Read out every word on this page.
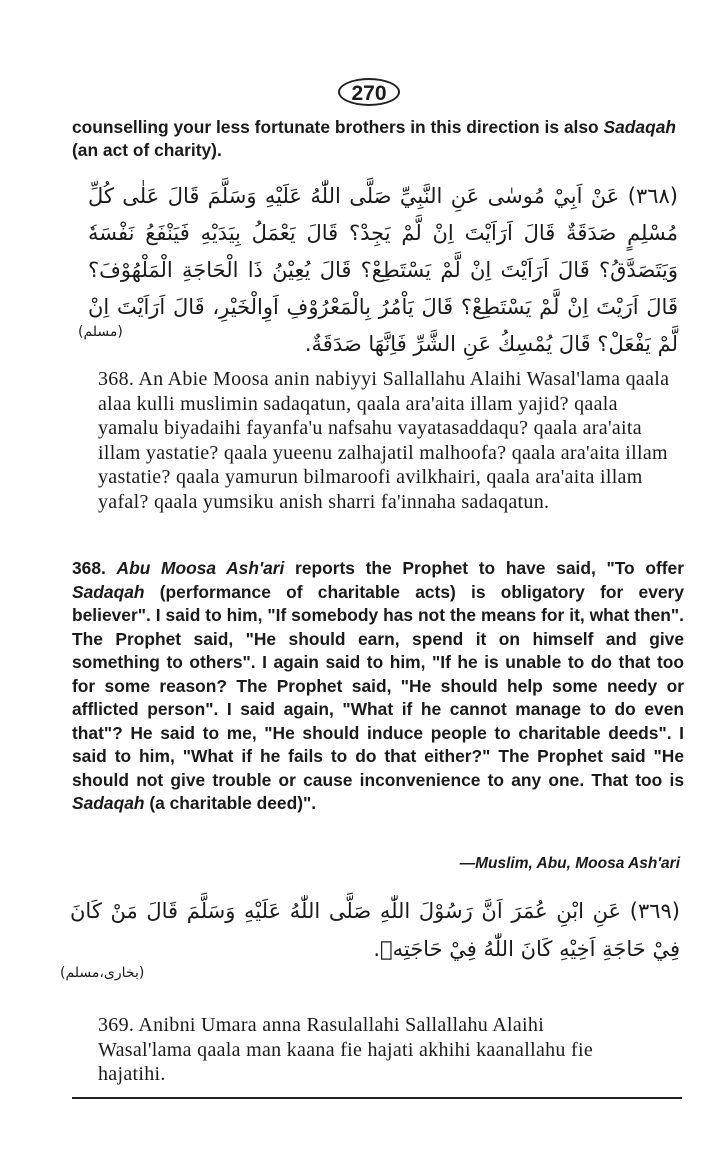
270
counselling your less fortunate brothers in this direction is also Sadaqah (an act of charity).
(٣٦٨) عَنْ اَبِيْ مُوسٰى عَنِ النَّبِيِّ صَلَّى اللّٰهُ عَلَيْهِ وَسَلَّمَ قَالَ عَلٰى كُلِّ مُسْلِمٍ صَدَقَةٌ قَالَ اَرَاَيْتَ اِنْ لَّمْ يَجِدْ؟ قَالَ يَعْمَلُ بِيَدَيْهِ فَيَنْفَعُ نَفْسَهٗ وَيَتَصَدَّقُ؟ قَالَ اَرَاَيْتَ اِنْ لَّمْ يَسْتَطِعْ؟ قَالَ يُعِيْنُ ذَا الْحَاجَةِ الْمَلْهُوْفَ؟ قَالَ اَرَيْتَ اِنْ لَّمْ يَسْتَطِعْ؟ قَالَ يَاْمُرُ بِالْمَعْرُوْفِ اَوِالْخَيْرِ، قَالَ اَرَاَيْتَ اِنْ لَّمْ يَفْعَلْ؟ قَالَ يُمْسِكُ عَنِ الشَّرِّ فَاِنَّهَا صَدَقَةٌ.
(مسلم)
368. An Abie Moosa anin nabiyyi Sallallahu Alaihi Wasal'lama qaala alaa kulli muslimin sadaqatun, qaala ara'aita illam yajid? qaala yamalu biyadaihi fayanfa'u nafsahu vayatasaddaqu? qaala ara'aita illam yastatie? qaala yueenu zalhajatil malhoofa? qaala ara'aita illam yastatie? qaala yamurun bilmaroofi avilkhairi, qaala ara'aita illam yafal? qaala yumsiku anish sharri fa'innaha sadaqatun.
368. Abu Moosa Ash'ari reports the Prophet to have said, "To offer Sadaqah (performance of charitable acts) is obligatory for every believer". I said to him, "If somebody has not the means for it, what then". The Prophet said, "He should earn, spend it on himself and give something to others". I again said to him, "If he is unable to do that too for some reason? The Prophet said, "He should help some needy or afflicted person". I said again, "What if he cannot manage to do even that"? He said to me, "He should induce people to charitable deeds". I said to him, "What if he fails to do that either?" The Prophet said "He should not give trouble or cause inconvenience to any one. That too is Sadaqah (a charitable deed)".
—Muslim, Abu, Moosa Ash'ari
(٣٦٩) عَنِ ابْنِ عُمَرَ اَنَّ رَسُوْلَ اللّٰهِ صَلَّى اللّٰهُ عَلَيْهِ وَسَلَّمَ قَالَ مَنْ كَانَ فِيْ حَاجَةِ اَخِيْهِ كَانَ اللّٰهُ فِيْ حَاجَتِهٖ.
(بخاری،مسلم)
369. Anibni Umara anna Rasulallahi Sallallahu Alaihi Wasal'lama qaala man kaana fie hajati akhihi kaanallahu fie hajatihi.
